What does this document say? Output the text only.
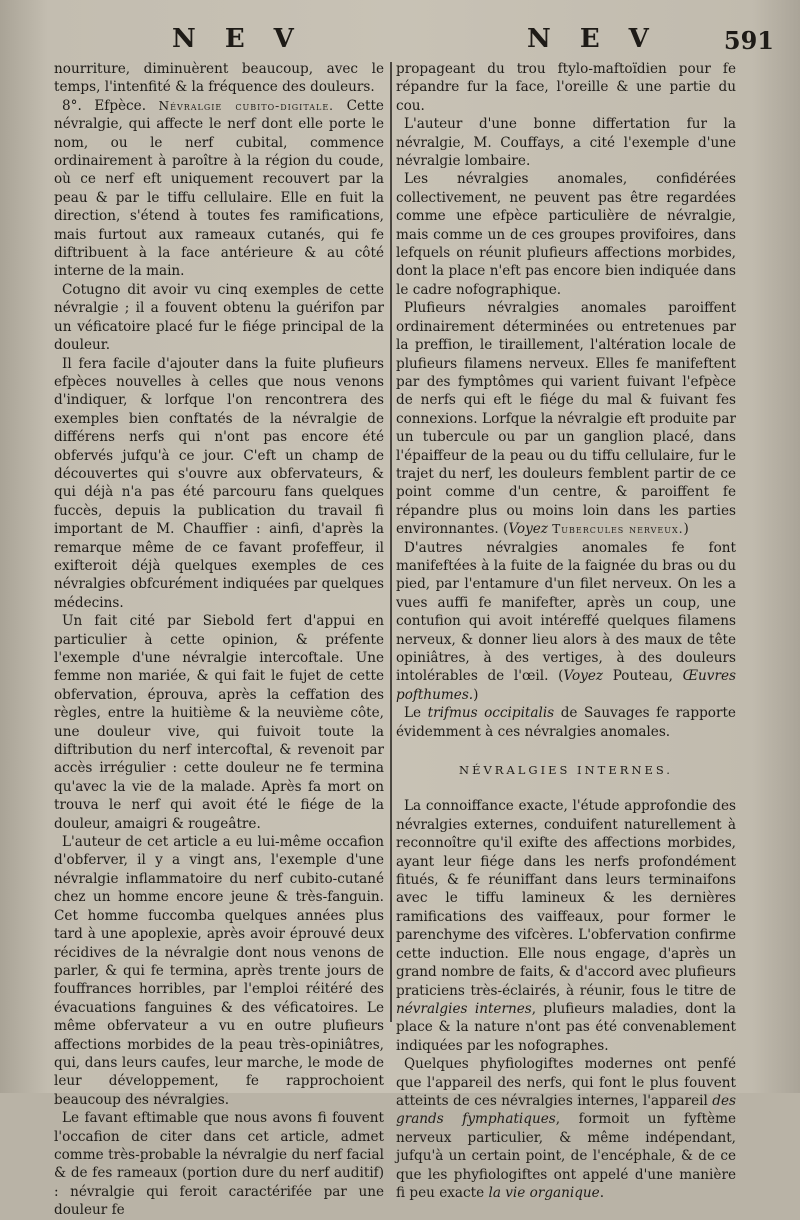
N E V	N E V	591

nourriture, diminuèrent beaucoup, avec le temps, l'intenfité & la fréquence des douleurs.

8°. Efpèce. Névralgie cubito-digitale. Cette névralgie, qui affecte le nerf dont elle porte le nom, ou le nerf cubital, commence ordinairement à paroître à la région du coude, où ce nerf eft uniquement recouvert par la peau & par le tiffu cellulaire. Elle en fuit la direction, s'étend à toutes fes ramifications, mais furtout aux rameaux cutanés, qui fe diftribuent à la face antérieure & au côté interne de la main.

Cotugno dit avoir vu cinq exemples de cette névralgie ; il a fouvent obtenu la guérifon par un véficatoire placé fur le fiége principal de la douleur.

Il fera facile d'ajouter dans la fuite plufieurs efpèces nouvelles à celles que nous venons d'indiquer, & lorfque l'on rencontrera des exemples bien conftatés de la névralgie de différens nerfs qui n'ont pas encore été obfervés jufqu'à ce jour. C'eft un champ de découvertes qui s'ouvre aux obfervateurs, & qui déjà n'a pas été parcouru fans quelques fuccès, depuis la publication du travail fi important de M. Chauffier : ainfi, d'après la remarque même de ce favant profeffeur, il exifteroit déjà quelques exemples de ces névralgies obfcurément indiquées par quelques médecins.

Un fait cité par Siebold fert d'appui en particulier à cette opinion, & préfente l'exemple d'une névralgie intercoftale. Une femme non mariée, & qui fait le fujet de cette obfervation, éprouva, après la ceffation des règles, entre la huitième & la neuvième côte, une douleur vive, qui fuivoit toute la diftribution du nerf intercoftal, & revenoit par accès irrégulier : cette douleur ne fe termina qu'avec la vie de la malade. Après fa mort on trouva le nerf qui avoit été le fiége de la douleur, amaigri & rougeâtre.

L'auteur de cet article a eu lui-même occafion d'obferver, il y a vingt ans, l'exemple d'une névralgie inflammatoire du nerf cubito-cutané chez un homme encore jeune & très-fanguin. Cet homme fuccomba quelques années plus tard à une apoplexie, après avoir éprouvé deux récidives de la névralgie dont nous venons de parler, & qui fe termina, après trente jours de fouffrances horribles, par l'emploi réitéré des évacuations fanguines & des véficatoires. Le même obfervateur a vu en outre plufieurs affections morbides de la peau très-opiniâtres, qui, dans leurs caufes, leur marche, le mode de leur développement, fe rapprochoient beaucoup des névralgies.

Le favant eftimable que nous avons fi fouvent l'occafion de citer dans cet article, admet comme très-probable la névralgie du nerf facial & de fes rameaux (portion dure du nerf auditif) : névralgie qui feroit caractérifée par une douleur fe

propageant du trou ftylo-maftoïdien pour fe répandre fur la face, l'oreille & une partie du cou.

L'auteur d'une bonne differtation fur la névralgie, M. Couffays, a cité l'exemple d'une névralgie lombaire.

Les névralgies anomales, confidérées collectivement, ne peuvent pas être regardées comme une efpèce particulière de névralgie, mais comme un de ces groupes provifoires, dans lefquels on réunit plufieurs affections morbides, dont la place n'eft pas encore bien indiquée dans le cadre nofographique.

Plufieurs névralgies anomales paroiffent ordinairement déterminées ou entretenues par la preffion, le tiraillement, l'altération locale de plufieurs filamens nerveux. Elles fe manifeftent par des fymptômes qui varient fuivant l'efpèce de nerfs qui eft le fiége du mal & fuivant fes connexions. Lorfque la névralgie eft produite par un tubercule ou par un ganglion placé, dans l'épaiffeur de la peau ou du tiffu cellulaire, fur le trajet du nerf, les douleurs femblent partir de ce point comme d'un centre, & paroiffent fe répandre plus ou moins loin dans les parties environnantes. (Voyez Tubercules nerveux.)

D'autres névralgies anomales fe font manifeftées à la fuite de la faignée du bras ou du pied, par l'entamure d'un filet nerveux. On les a vues auffi fe manifefter, après un coup, une contufion qui avoit intéreffé quelques filamens nerveux, & donner lieu alors à des maux de tête opiniâtres, à des vertiges, à des douleurs intolérables de l'œil. (Voyez Pouteau, Œuvres pofthumes.)

Le trifmus occipitalis de Sauvages fe rapporte évidemment à ces névralgies anomales.

NÉVRALGIES INTERNES.

La connoiffance exacte, l'étude approfondie des névralgies externes, conduifent naturellement à reconnoître qu'il exifte des affections morbides, ayant leur fiége dans les nerfs profondément fitués, & fe réuniffant dans leurs terminaifons avec le tiffu lamineux & les dernières ramifications des vaiffeaux, pour former le parenchyme des vifcères. L'obfervation confirme cette induction. Elle nous engage, d'après un grand nombre de faits, & d'accord avec plufieurs praticiens très-éclairés, à réunir, fous le titre de névralgies internes, plufieurs maladies, dont la place & la nature n'ont pas été convenablement indiquées par les nofographes.

Quelques phyfiologiftes modernes ont penfé que l'appareil des nerfs, qui font le plus fouvent atteints de ces névralgies internes, l'appareil des grands fymphatiques, formoit un fyftème nerveux particulier, & même indépendant, jufqu'à un certain point, de l'encéphale, & de ce que les phyfiologiftes ont appelé d'une manière fi peu exacte la vie organique.
